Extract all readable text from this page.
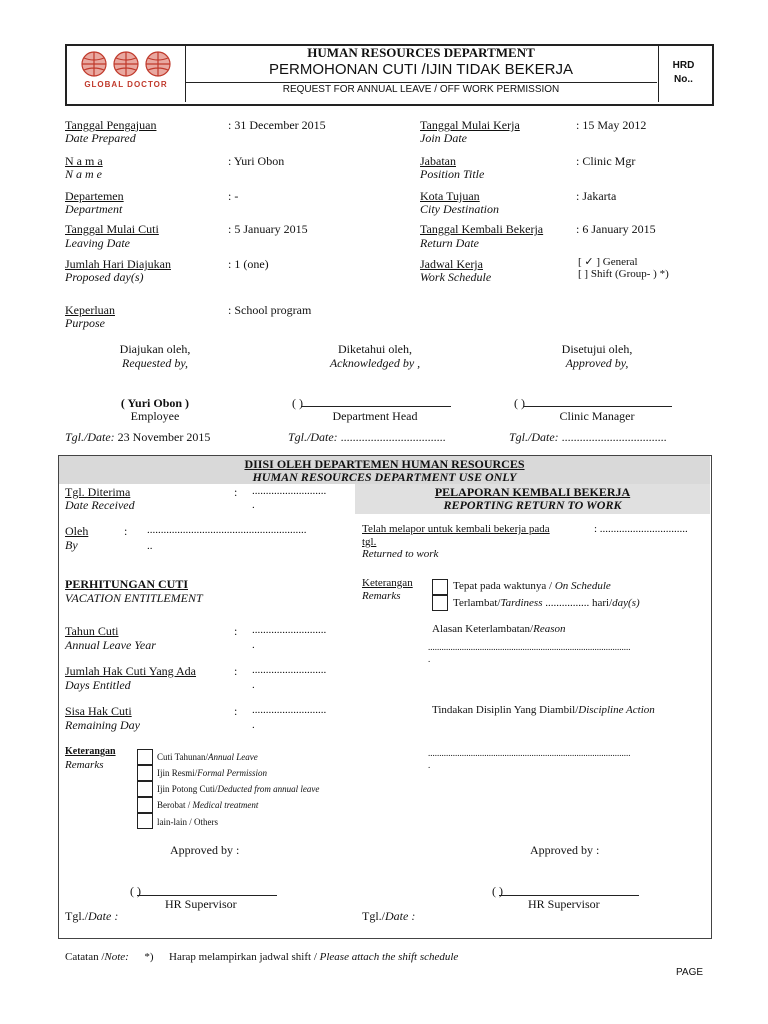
GLOBAL DOCTOR
HUMAN RESOURCES DEPARTMENT
PERMOHONAN CUTI /IJIN TIDAK BEKERJA
REQUEST FOR ANNUAL LEAVE / OFF WORK PERMISSION
HRD
No..
Tanggal Pengajuan
Date Prepared
: 31 December 2015
N a m a
N a m e
: Yuri Obon
Departemen
Department
: -
Tanggal Mulai Cuti
Leaving Date
: 5 January 2015
Jumlah Hari Diajukan
Proposed day(s)
: 1 (one)
Keperluan
Purpose
: School program
Tanggal Mulai Kerja
Join Date
: 15 May 2012
Jabatan
Position Title
: Clinic Mgr
Kota Tujuan
City Destination
: Jakarta
Tanggal Kembali Bekerja
Return Date
: 6 January 2015
Jadwal Kerja
Work Schedule
[ ✓ ] General
[ ] Shift (Group- ) *)
Diajukan oleh,
Requested by,
( Yuri Obon )
Employee
Tgl./Date: 23 November 2015
Diketahui oleh,
Acknowledged by ,
( )
Department Head
Tgl./Date: ...................................
Disetujui oleh,
Approved by,
( )
Clinic Manager
Tgl./Date: ...................................
DIISI OLEH DEPARTEMEN HUMAN RESOURCES
HUMAN RESOURCES DEPARTMENT USE ONLY
PELAPORAN KEMBALI BEKERJA
REPORTING RETURN TO WORK
Tgl. Diterima
Date Received
: ...........................
.
Oleh
By
: ..........................................................
..
Telah melapor untuk kembali bekerja pada
tgl.
Returned to work
: ................................
PERHITUNGAN CUTI
VACATION ENTITLEMENT
Tahun Cuti
Annual Leave Year
: ...........................
.
Jumlah Hak Cuti Yang Ada
Days Entitled
: ...........................
.
Sisa Hak Cuti
Remaining Day
: ...........................
.
Keterangan
Remarks
Cuti Tahunan/Annual Leave
Ijin Resmi/Formal Permission
Ijin Potong Cuti/Deducted from annual leave
Berobat / Medical treatment
lain-lain / Others
Keterangan
Remarks
Tepat pada waktunya / On Schedule
Terlambat/Tardiness ................ hari/day(s)
Alasan Keterlambatan/Reason
..........................................................................................
.
Tindakan Disiplin Yang Diambil/Discipline Action
..........................................................................................
.
Approved by :
( )
HR Supervisor
Tgl./Date :
Approved by :
( )
HR Supervisor
Tgl./Date :
Catatan /Note: *) Harap melampirkan jadwal shift / Please attach the shift schedule
PAGE
